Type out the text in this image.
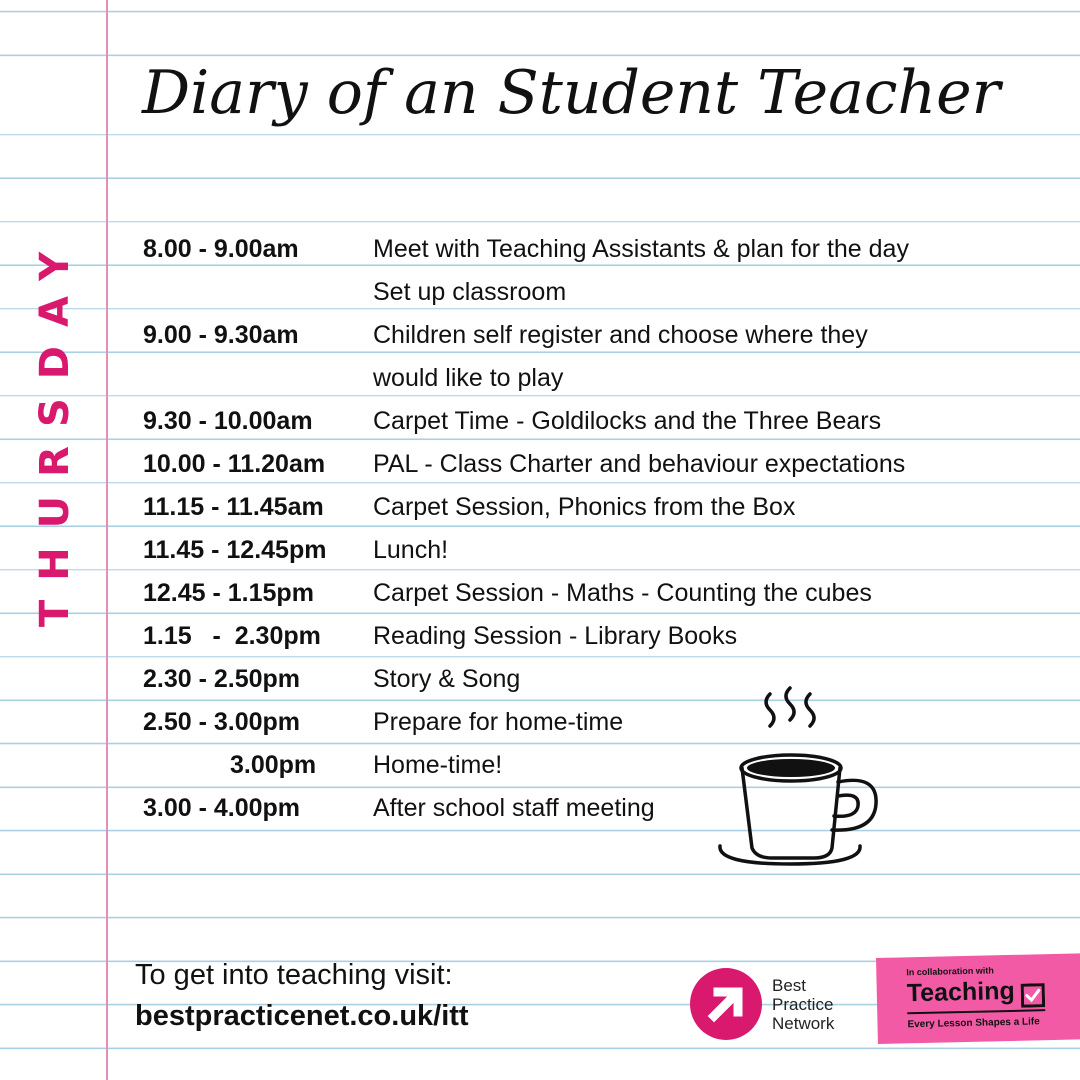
THURSDAY
Diary of an Student Teacher
8.00 - 9.00am	Meet with Teaching Assistants & plan for the day
Set up classroom
9.00 - 9.30am	Children self register and choose where they
would like to play
9.30 - 10.00am Carpet Time - Goldilocks and the Three Bears
10.00 - 11.20am PAL - Class Charter and behaviour expectations
11.15 - 11.45am Carpet Session, Phonics from the Box
11.45 - 12.45pm Lunch!
12.45 - 1.15pm Carpet Session - Maths - Counting the cubes
1.15   -  2.30pm Reading Session - Library Books
2.30 - 2.50pm	Story & Song
2.50 - 3.00pm	Prepare for home-time
3.00pm Home-time!
3.00 - 4.00pm	After school staff meeting
To get into teaching visit:
bestpracticenet.co.uk/itt
Best
Practice
Network
In collaboration with
Teaching
Every Lesson Shapes a Life
